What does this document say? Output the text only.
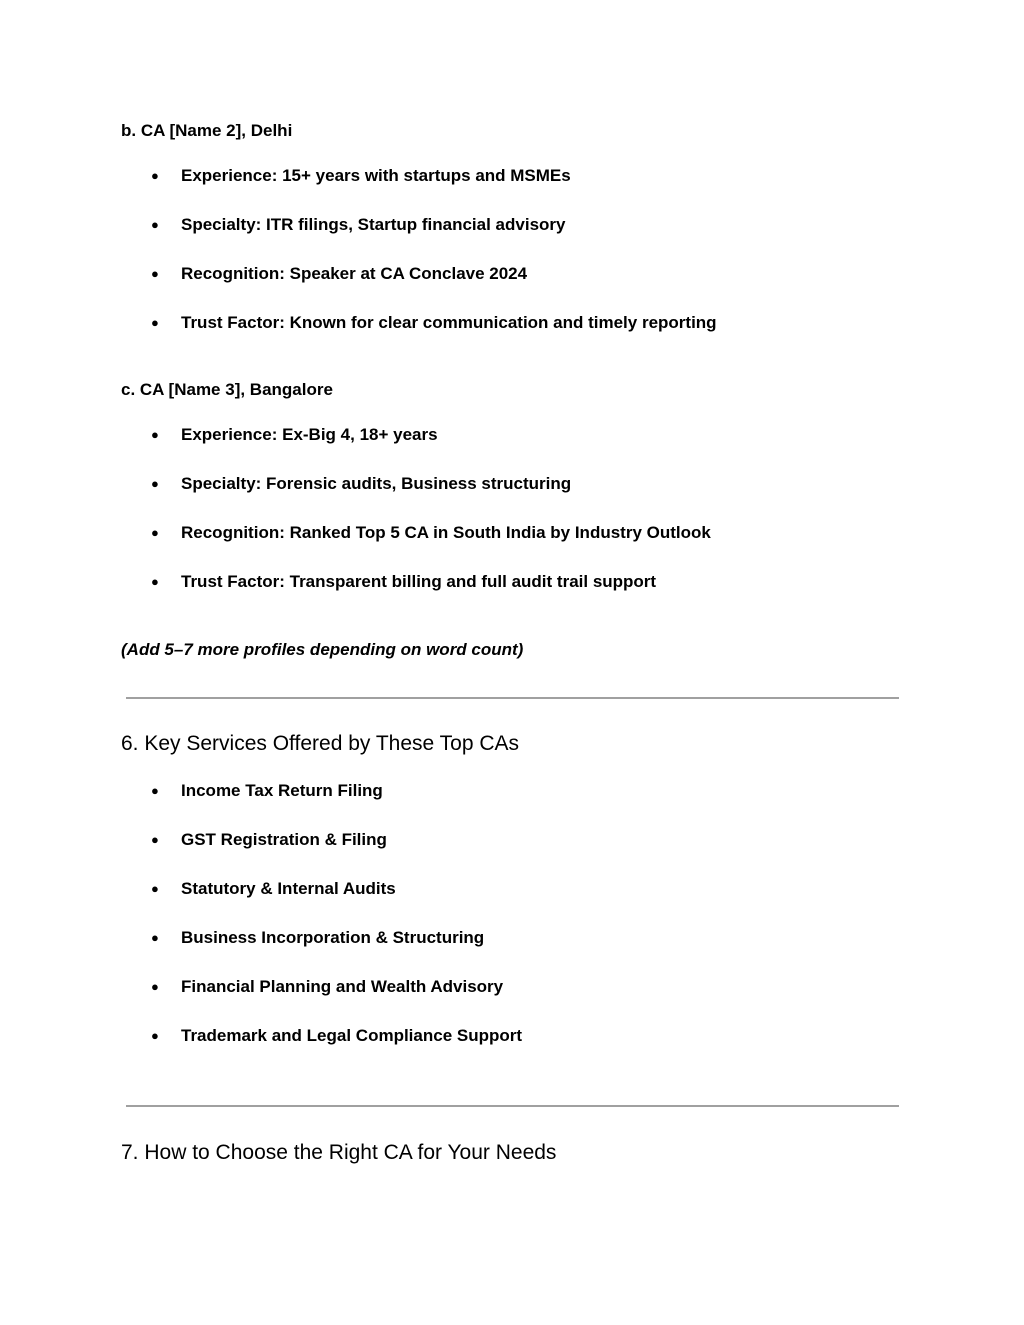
b. CA [Name 2], Delhi

● Experience: 15+ years with startups and MSMEs
● Specialty: ITR filings, Startup financial advisory
● Recognition: Speaker at CA Conclave 2024
● Trust Factor: Known for clear communication and timely reporting

c. CA [Name 3], Bangalore

● Experience: Ex-Big 4, 18+ years
● Specialty: Forensic audits, Business structuring
● Recognition: Ranked Top 5 CA in South India by Industry Outlook
● Trust Factor: Transparent billing and full audit trail support

(Add 5–7 more profiles depending on word count)

6. Key Services Offered by These Top CAs
● Income Tax Return Filing
● GST Registration & Filing
● Statutory & Internal Audits
● Business Incorporation & Structuring
● Financial Planning and Wealth Advisory
● Trademark and Legal Compliance Support
7. How to Choose the Right CA for Your Needs
